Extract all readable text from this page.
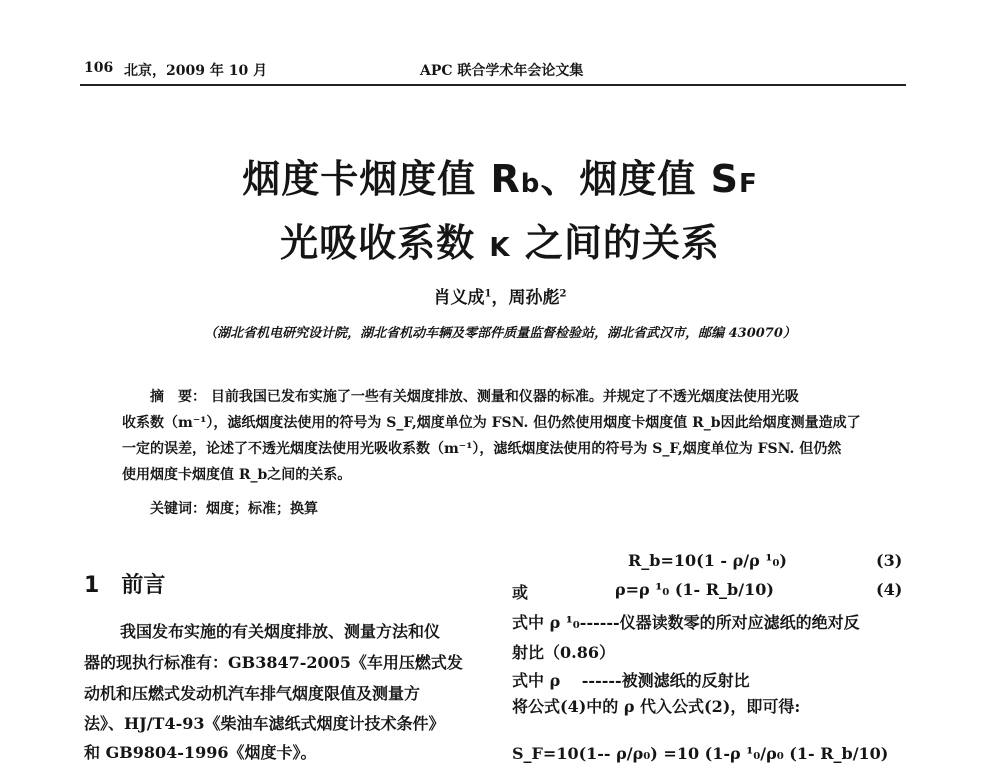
106 北京，2009 年 10 月	APC 联合学术年会论文集
烟度卡烟度值 Rb、烟度值 SF
光吸收系数 K 之间的关系
肖义成$^1$，周孙彪$^2$
（湖北省机电研究设计院，湖北省机动车辆及零部件质量监督检验站，湖北省武汉市，邮编 430070）
摘　要： 目前我国已发布实施了一些有关烟度排放、测量和仪器的标准。并规定了不透光烟度法使用光吸
收系数（m⁻¹），滤纸烟度法使用的符号为 S_F,烟度单位为 FSN. 但仍然使用烟度卡烟度值 R_b因此给烟度测量造成了
一定的误差，论述了不透光烟度法使用光吸收系数（m⁻¹），滤纸烟度法使用的符号为 S_F,烟度单位为 FSN. 但仍然
使用烟度卡烟度值 R_b之间的关系。
关键词：烟度；标准；换算
1　 前言
我国发布实施的有关烟度排放、测量方法和仪
器的现执行标准有：GB3847-2005《车用压燃式发
动机和压燃式发动机汽车排气烟度限值及测量方
法》、HJ/T4-93《柴油车滤纸式烟度计技术条件》
和 GB9804-1996《烟度卡》。
R_b=10(1 - ρ/ρ ¹₀)	(3)
或	ρ=ρ ¹₀ (1- R_b/10)	(4)
式中 ρ ¹₀------仪器读数零的所对应滤纸的绝对反
射比（0.86）
式中 ρ 　------被测滤纸的反射比
将公式(4)中的 ρ 代入公式(2)，即可得:
S_F=10(1-- ρ/ρ₀) =10 (1-ρ ¹₀/ρ₀ (1- R_b/10)
